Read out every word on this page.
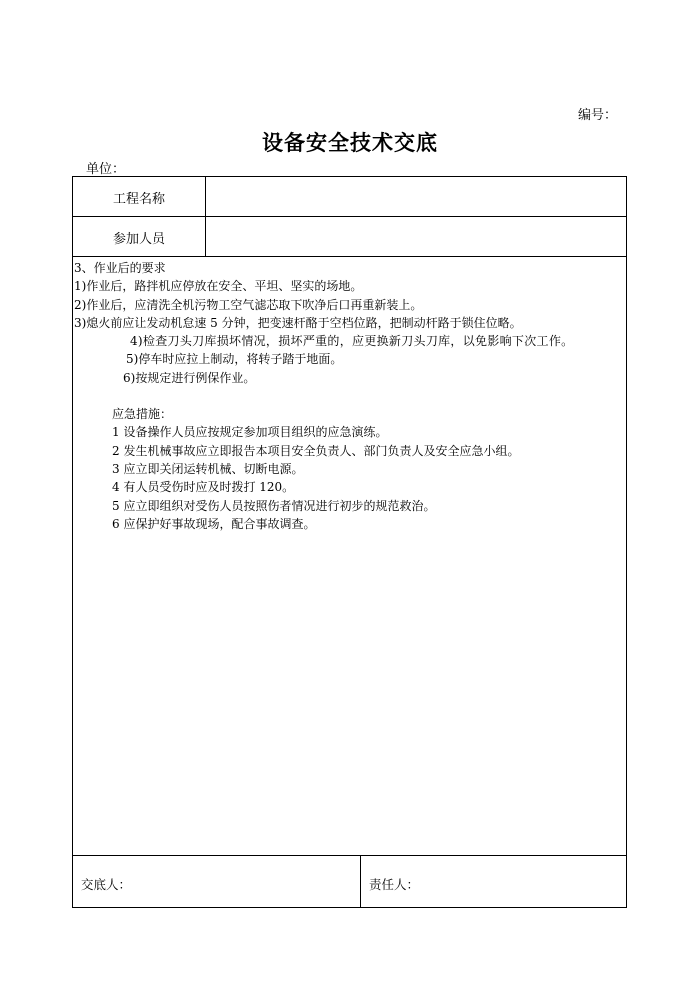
编号：
设备安全技术交底
单位：
工程名称
参加人员
3、作业后的要求
1)作业后，路拌机应停放在安全、平坦、坚实的场地。
2)作业后，应清洗全机污物工空气滤芯取下吹净后口再重新装上。
3)熄火前应让发动机怠速 5 分钟，把变速杆酪于空档位路，把制动杆路于锁住位略。
4)检查刀头刀库损坏情况，损坏严重的，应更换新刀头刀库，以免影响下次工作。
5)停车时应拉上制动，将转子踏于地面。
6)按规定进行例保作业。
应急措施：
1 设备操作人员应按规定参加项目组织的应急演练。
2 发生机械事故应立即报告本项目安全负责人、部门负责人及安全应急小组。
3 应立即关闭运转机械、切断电源。
4 有人员受伤时应及时拨打 120。
5 应立即组织对受伤人员按照伤者情况进行初步的规范救治。
6 应保护好事故现场，配合事故调查。
交底人：	责任人：
